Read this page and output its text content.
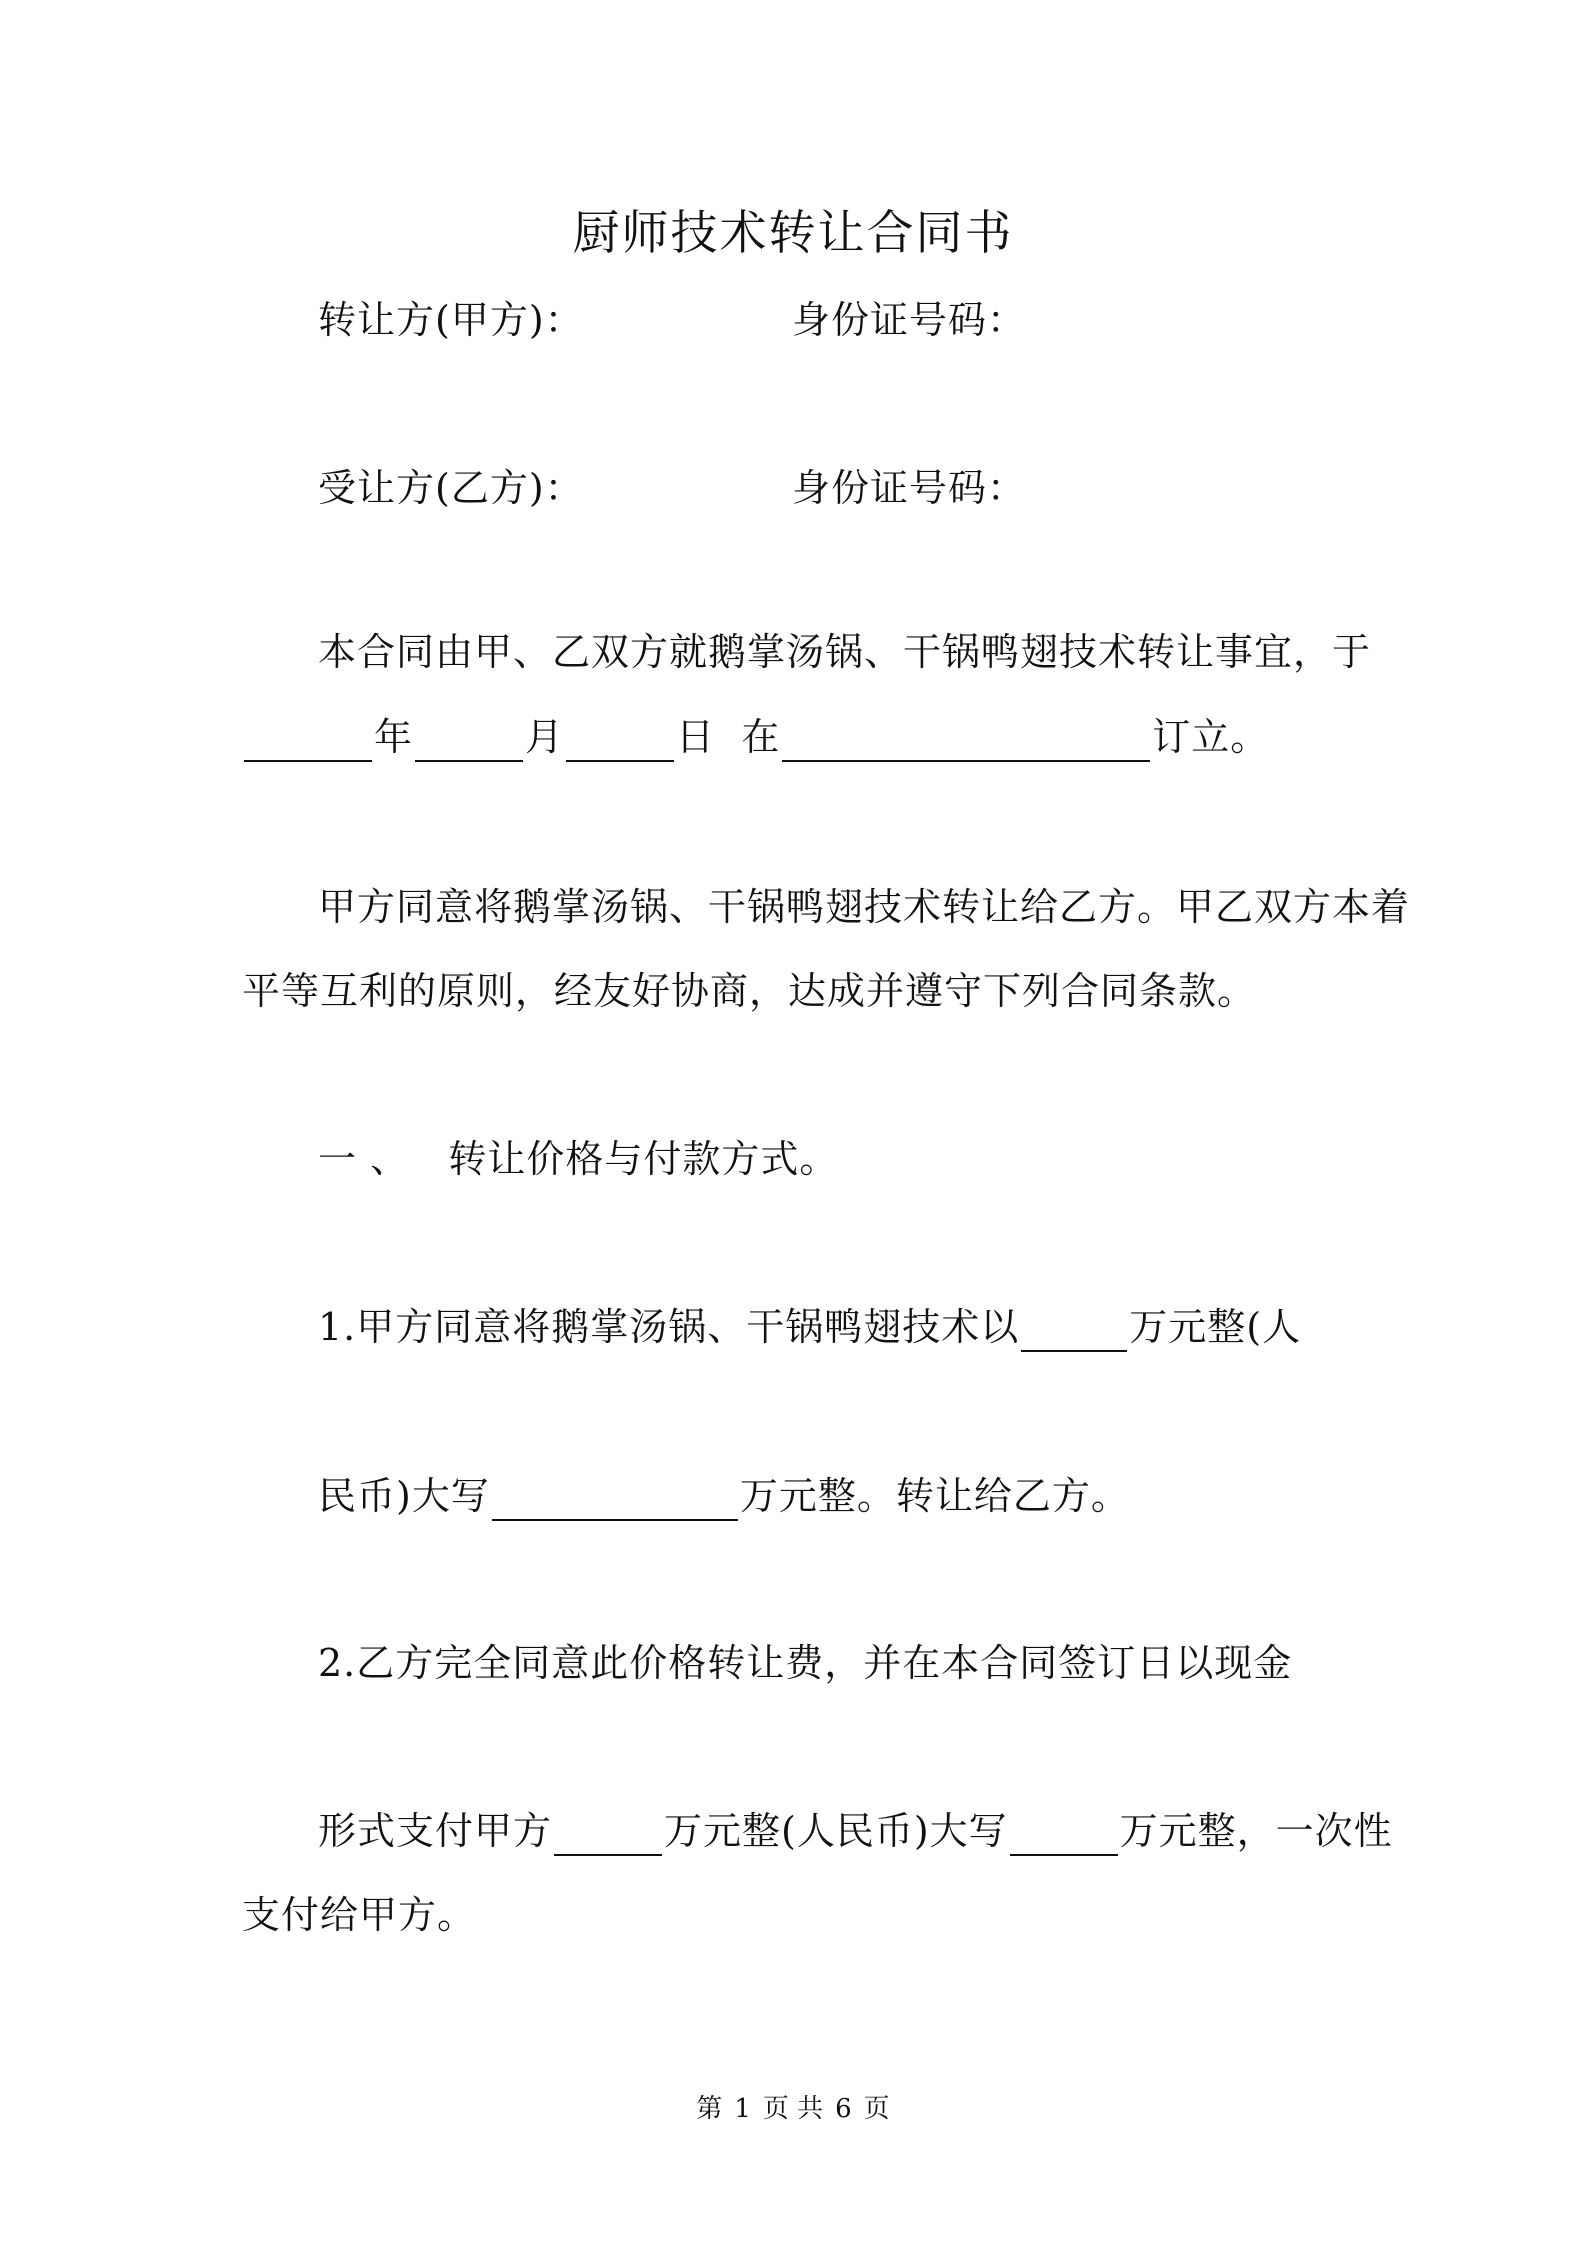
厨师技术转让合同书
转让方(甲方)：	身份证号码：
受让方(乙方)：	身份证号码：
本合同由甲、乙双方就鹅掌汤锅、干锅鸭翅技术转让事宜，于
年	月	日 在	订立。
甲方同意将鹅掌汤锅、干锅鸭翅技术转让给乙方。甲乙双方本着
平等互利的原则，经友好协商，达成并遵守下列合同条款。
一 、 转让价格与付款方式。
1.甲方同意将鹅掌汤锅、干锅鸭翅技术以	万元整(人
民币)大写	万元整。转让给乙方。
2.乙方完全同意此价格转让费，并在本合同签订日以现金
形式支付甲方	万元整(人民币)大写	万元整，一次性
支付给甲方。
第 1 页 共 6 页
